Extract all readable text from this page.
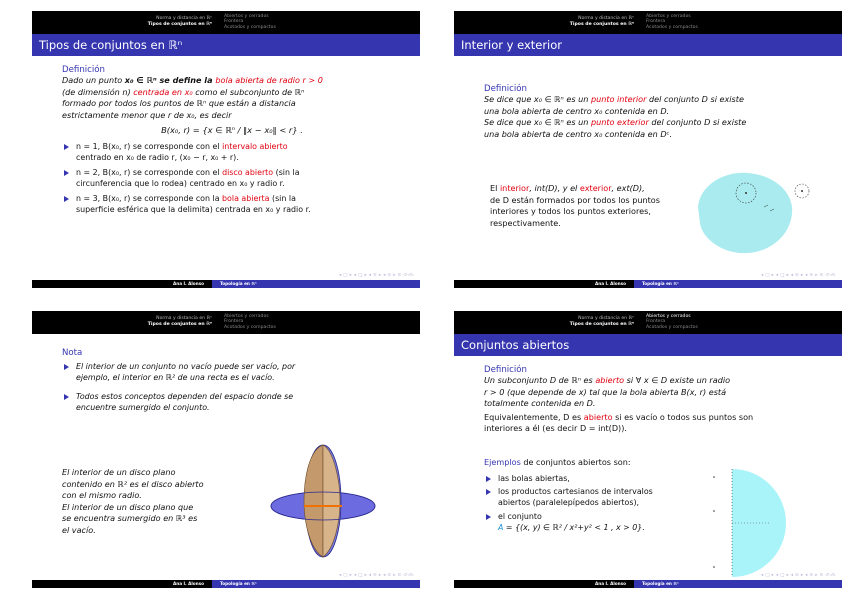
Norma y distancia en ℝⁿ
Tipos de conjuntos en ℝⁿ
Abiertos y cerrados
Frontera
Acotados y compactos
Tipos de conjuntos en ℝⁿ
Definición
Dado un punto x₀ ∈ ℝⁿ se define la bola abierta de radio r > 0
(de dimensión n) centrada en x₀ como el subconjunto de ℝⁿ
formado por todos los puntos de ℝⁿ que están a distancia
estrictamente menor que r de x₀, es decir
B(x₀, r) = {x ∈ ℝⁿ / ‖x − x₀‖ < r} .
n = 1, B(x₀, r) se corresponde con el intervalo abierto
centrado en x₀ de radio r, (x₀ − r, x₀ + r).
n = 2, B(x₀, r) se corresponde con el disco abierto (sin la
circunferencia que lo rodea) centrado en x₀ y radio r.
n = 3, B(x₀, r) se corresponde con la bola abierta (sin la
superficie esférica que la delimita) centrada en x₀ y radio r.
◂ □ ▸ ◂ □̥ ▸ ◂ ≡ ▸ ◂ ≡ ▸ ≡ ↺◃↻
Ana I. Alonso	Topología en ℝⁿ
Norma y distancia en ℝⁿ
Tipos de conjuntos en ℝⁿ
Abiertos y cerrados
Frontera
Acotados y compactos
Interior y exterior
Definición
Se dice que x₀ ∈ ℝⁿ es un punto interior del conjunto D si existe
una bola abierta de centro x₀ contenida en D.
Se dice que x₀ ∈ ℝⁿ es un punto exterior del conjunto D si existe
una bola abierta de centro x₀ contenida en Dᶜ.
El interior, int(D), y el exterior, ext(D),
de D están formados por todos los puntos
interiores y todos los puntos exteriores,
respectivamente.
◂ □ ▸ ◂ □̥ ▸ ◂ ≡ ▸ ◂ ≡ ▸ ≡ ↺◃↻
Ana I. Alonso	Topología en ℝⁿ
Norma y distancia en ℝⁿ
Tipos de conjuntos en ℝⁿ
Abiertos y cerrados
Frontera
Acotados y compactos
Nota
El interior de un conjunto no vacío puede ser vacío, por
ejemplo, el interior en ℝ² de una recta es el vacío.
Todos estos conceptos dependen del espacio donde se
encuentre sumergido el conjunto.
El interior de un disco plano
contenido en ℝ² es el disco abierto
con el mismo radio.
El interior de un disco plano que
se encuentra sumergido en ℝ³ es
el vacío.
◂ □ ▸ ◂ □̥ ▸ ◂ ≡ ▸ ◂ ≡ ▸ ≡ ↺◃↻
Ana I. Alonso	Topología en ℝⁿ
Norma y distancia en ℝⁿ
Tipos de conjuntos en ℝⁿ
Abiertos y cerrados
Frontera
Acotados y compactos
Conjuntos abiertos
Definición
Un subconjunto D de ℝⁿ es abierto si ∀ x ∈ D existe un radio
r > 0 (que depende de x) tal que la bola abierta B(x, r) está
totalmente contenida en D.
Equivalentemente, D es abierto si es vacío o todos sus puntos son
interiores a él (es decir D = int(D)).
Ejemplos de conjuntos abiertos son:
las bolas abiertas,
los productos cartesianos de intervalos
abiertos (paralelepípedos abiertos),
el conjunto
A = {(x, y) ∈ ℝ² / x²+y² < 1 , x > 0}.
◂ □ ▸ ◂ □̥ ▸ ◂ ≡ ▸ ◂ ≡ ▸ ≡ ↺◃↻
Ana I. Alonso	Topología en ℝⁿ
